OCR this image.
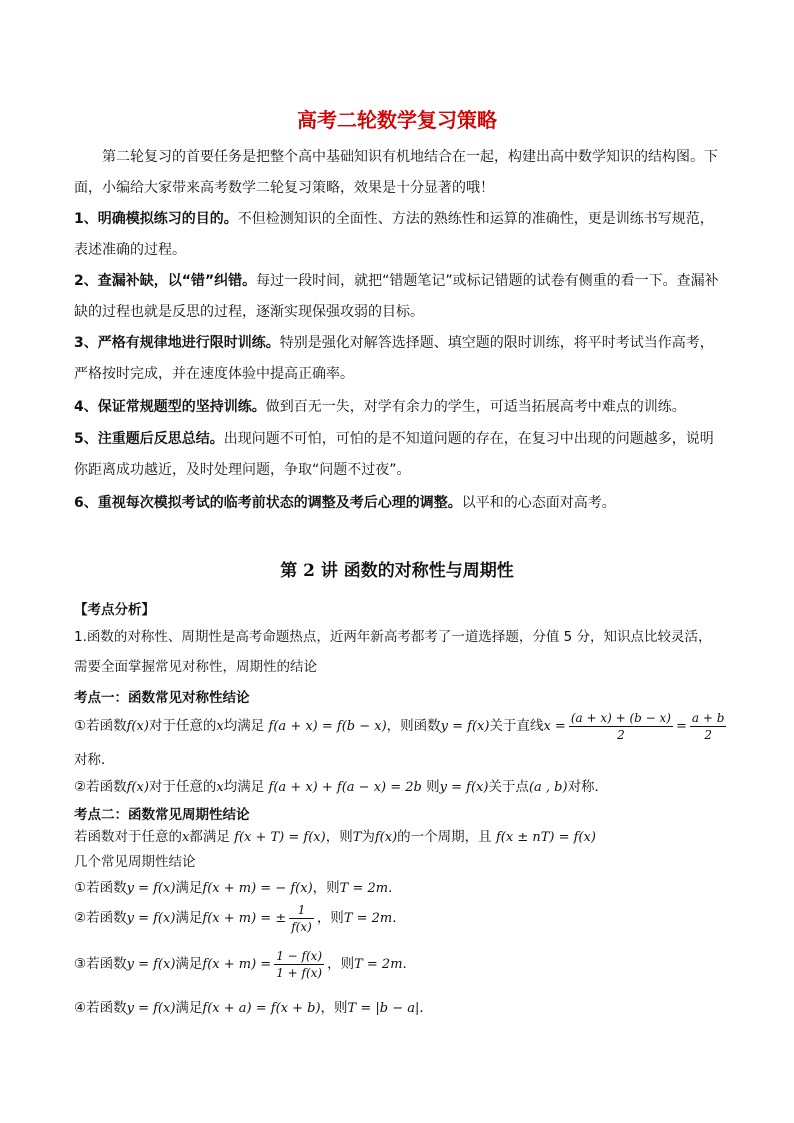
高考二轮数学复习策略

第二轮复习的首要任务是把整个高中基础知识有机地结合在一起，构建出高中数学知识的结构图。下面，小编给大家带来高考数学二轮复习策略，效果是十分显著的哦！

1、明确模拟练习的目的。不但检测知识的全面性、方法的熟练性和运算的准确性，更是训练书写规范，表述准确的过程。

2、查漏补缺，以“错”纠错。每过一段时间，就把“错题笔记”或标记错题的试卷有侧重的看一下。查漏补缺的过程也就是反思的过程，逐渐实现保强攻弱的目标。

3、严格有规律地进行限时训练。特别是强化对解答选择题、填空题的限时训练，将平时考试当作高考，严格按时完成，并在速度体验中提高正确率。

4、保证常规题型的坚持训练。做到百无一失，对学有余力的学生，可适当拓展高考中难点的训练。

5、注重题后反思总结。出现问题不可怕，可怕的是不知道问题的存在，在复习中出现的问题越多，说明你距离成功越近，及时处理问题，争取“问题不过夜”。

6、重视每次模拟考试的临考前状态的调整及考后心理的调整。以平和的心态面对高考。

第 2 讲 函数的对称性与周期性

【考点分析】

1.函数的对称性、周期性是高考命题热点，近两年新高考都考了一道选择题，分值 5 分，知识点比较灵活，需要全面掌握常见对称性，周期性的结论

考点一：函数常见对称性结论

①若函数f(x)对于任意的x均满足 f(a + x) = f(b − x)，则函数y = f(x)关于直线$x = \frac{(a + x) + (b - x)}{2} = \frac{a + b}{2}$

对称．

②若函数f(x)对于任意的x均满足 f(a + x) + f(a − x) = 2b 则y = f(x)关于点(a , b)对称．

考点二：函数常见周期性结论

若函数对于任意的x都满足 f(x + T) = f(x)，则T为f(x)的一个周期，且 f(x ± nT) = f(x)

几个常见周期性结论

①若函数y = f(x)满足f(x + m) = − f(x)，则T = 2m．

②若函数y = f(x)满足f(x + m) = ± $\frac{1}{f(x)}$ ，则T = 2m．

③若函数y = f(x)满足$f(x + m) = \frac{1 - f(x)}{1 + f(x)}$ ，则T = 2m．

④若函数y = f(x)满足f(x + a) = f(x + b)，则T = |b − a|．
